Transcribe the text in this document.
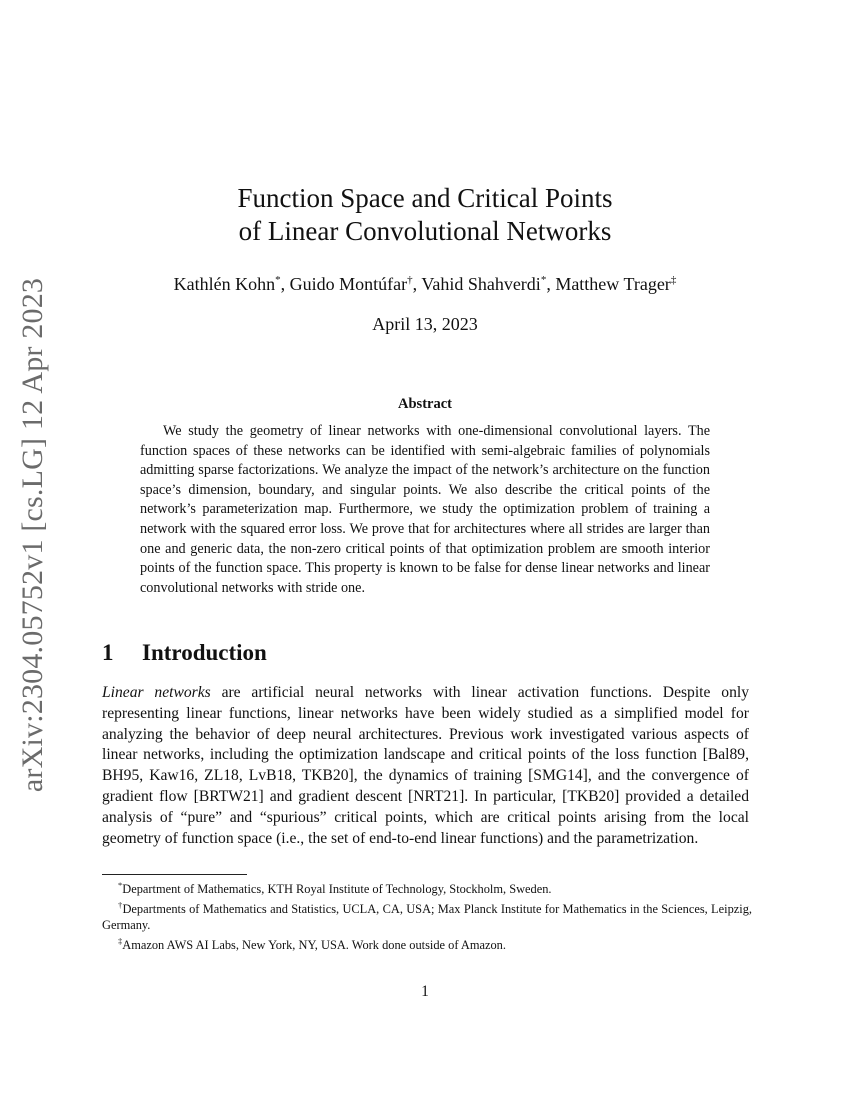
arXiv:2304.05752v1 [cs.LG] 12 Apr 2023
Function Space and Critical Points
of Linear Convolutional Networks
Kathlén Kohn*, Guido Montúfar†, Vahid Shahverdi*, Matthew Trager‡
April 13, 2023
Abstract

We study the geometry of linear networks with one-dimensional convolutional layers. The function spaces of these networks can be identified with semi-algebraic families of polynomials admitting sparse factorizations. We analyze the impact of the network’s architecture on the function space’s dimension, boundary, and singular points. We also describe the critical points of the network’s parameterization map. Furthermore, we study the optimization problem of training a network with the squared error loss. We prove that for architectures where all strides are larger than one and generic data, the non-zero critical points of that optimization problem are smooth interior points of the function space. This property is known to be false for dense linear networks and linear convolutional networks with stride one.

1 Introduction

Linear networks are artificial neural networks with linear activation functions. Despite only representing linear functions, linear networks have been widely studied as a simplified model for analyzing the behavior of deep neural architectures. Previous work investigated various aspects of linear networks, including the optimization landscape and critical points of the loss function [Bal89, BH95, Kaw16, ZL18, LvB18, TKB20], the dynamics of training [SMG14], and the convergence of gradient flow [BRTW21] and gradient descent [NRT21]. In particular, [TKB20] provided a detailed analysis of “pure” and “spurious” critical points, which are critical points arising from the local geometry of function space (i.e., the set of end-to-end linear functions) and the parametrization.

*Department of Mathematics, KTH Royal Institute of Technology, Stockholm, Sweden.

†Departments of Mathematics and Statistics, UCLA, CA, USA; Max Planck Institute for Mathematics in the Sciences, Leipzig, Germany.

‡Amazon AWS AI Labs, New York, NY, USA. Work done outside of Amazon.

1
